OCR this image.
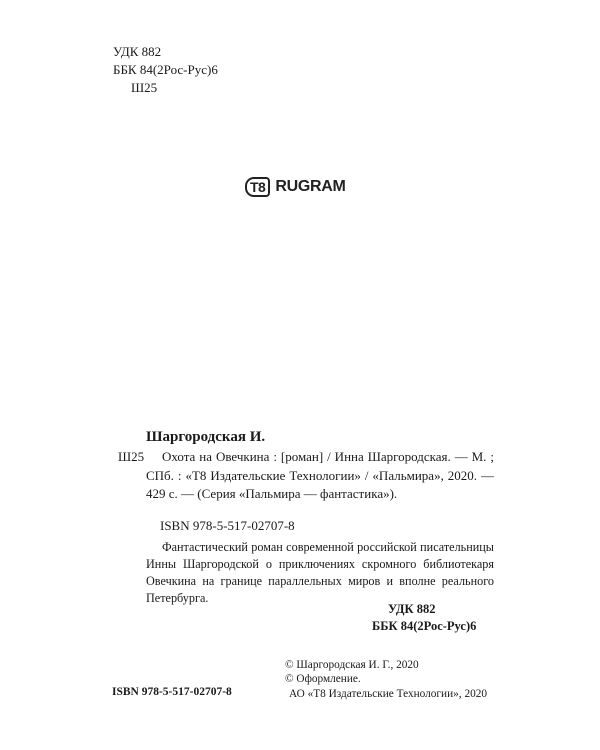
УДК 882
ББК 84(2Рос-Рус)6
Ш25
T8 RUGRAM
Шаргородская И.
Ш25	Охота на Овечкина : [роман] / Инна Шаргородская. — М. ; СПб. : «Т8 Издательские Технологии» / «Пальмира», 2020. — 429 с. — (Серия «Пальмира — фантастика»).
ISBN 978-5-517-02707-8
Фантастический роман современной российской писательницы Инны Шаргородской о приключениях скромного библиотекаря Овечкина на границе параллельных миров и вполне реального Петербурга.
УДК 882
ББК 84(2Рос-Рус)6
© Шаргородская И. Г., 2020
© Оформление.
АО «Т8 Издательские Технологии», 2020
ISBN 978-5-517-02707-8
